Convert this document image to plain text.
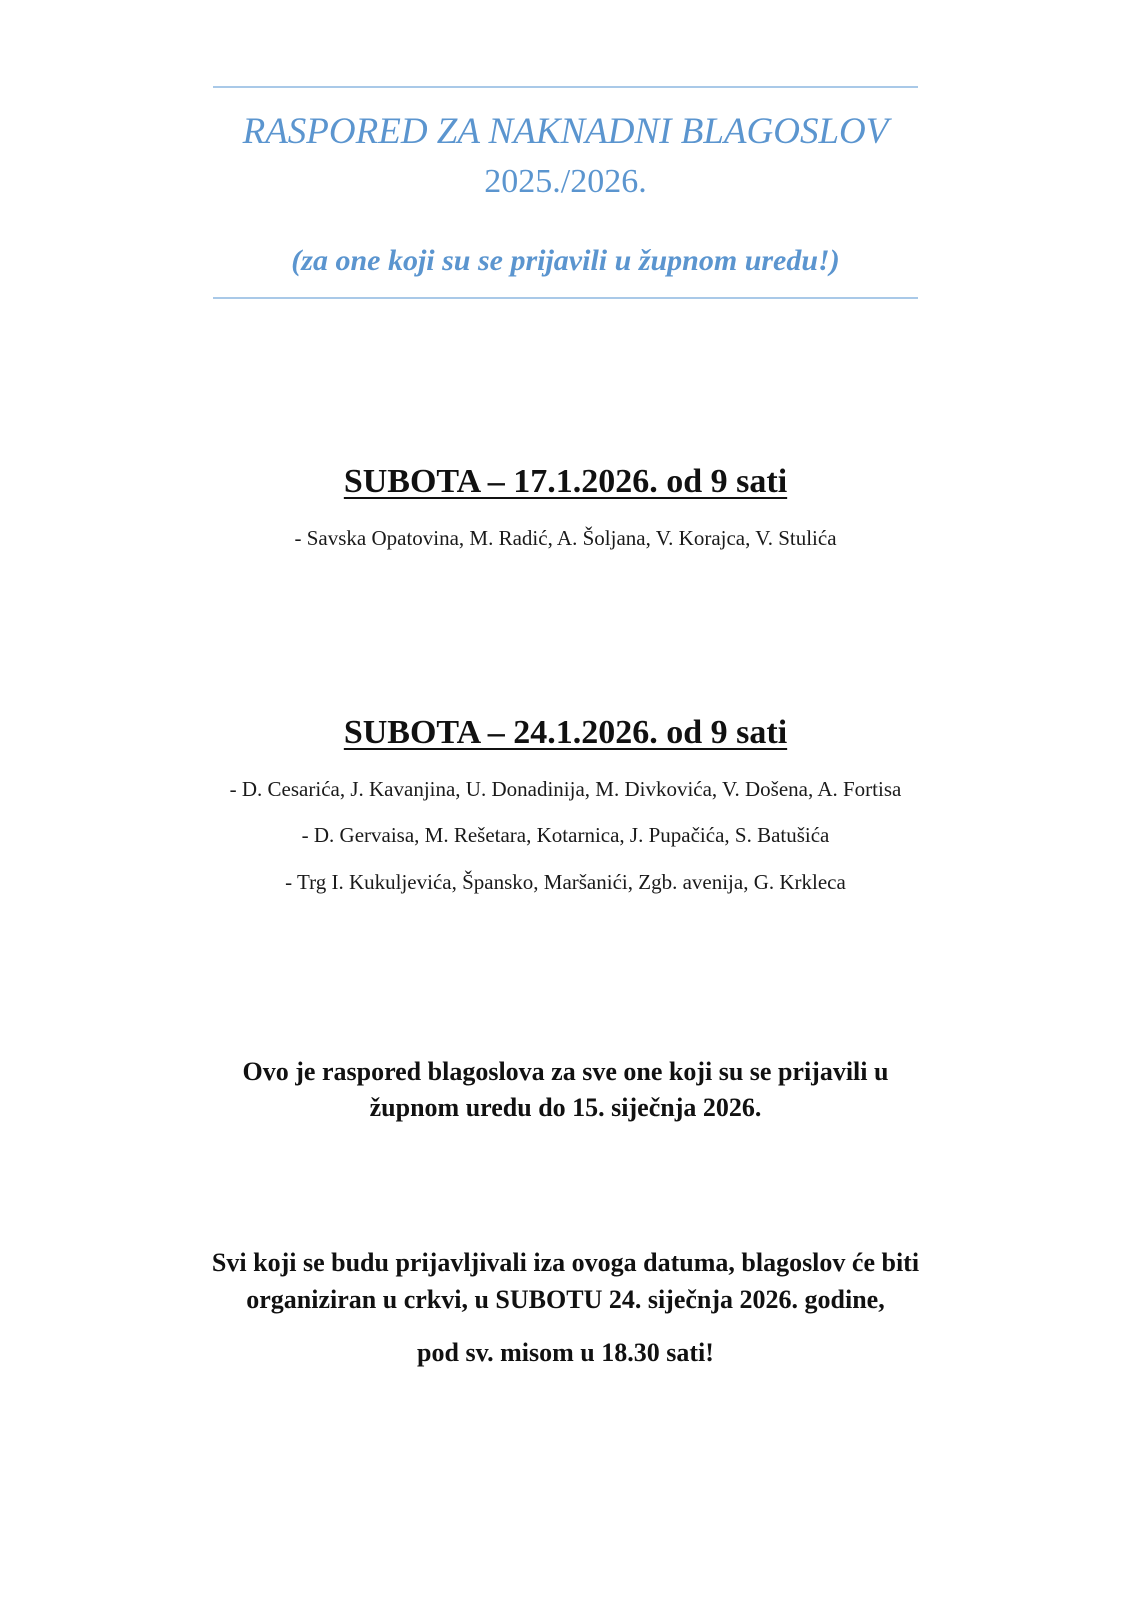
RASPORED ZA NAKNADNI BLAGOSLOV
2025./2026.
(za one koji su se prijavili u župnom uredu!)
SUBOTA – 17.1.2026. od 9 sati
- Savska Opatovina, M. Radić, A. Šoljana, V. Korajca, V. Stulića
SUBOTA – 24.1.2026. od 9 sati
- D. Cesarića, J. Kavanjina, U. Donadinija, M. Divkovića, V. Došena, A. Fortisa
- D. Gervaisa, M. Rešetara, Kotarnica, J. Pupačića, S. Batušića
- Trg I. Kukuljevića, Špansko, Maršanići, Zgb. avenija, G. Krkleca
Ovo je raspored blagoslova za sve one koji su se prijavili u
župnom uredu do 15. siječnja 2026.
Svi koji se budu prijavljivali iza ovoga datuma, blagoslov će biti
organiziran u crkvi, u SUBOTU 24. siječnja 2026. godine,
pod sv. misom u 18.30 sati!
